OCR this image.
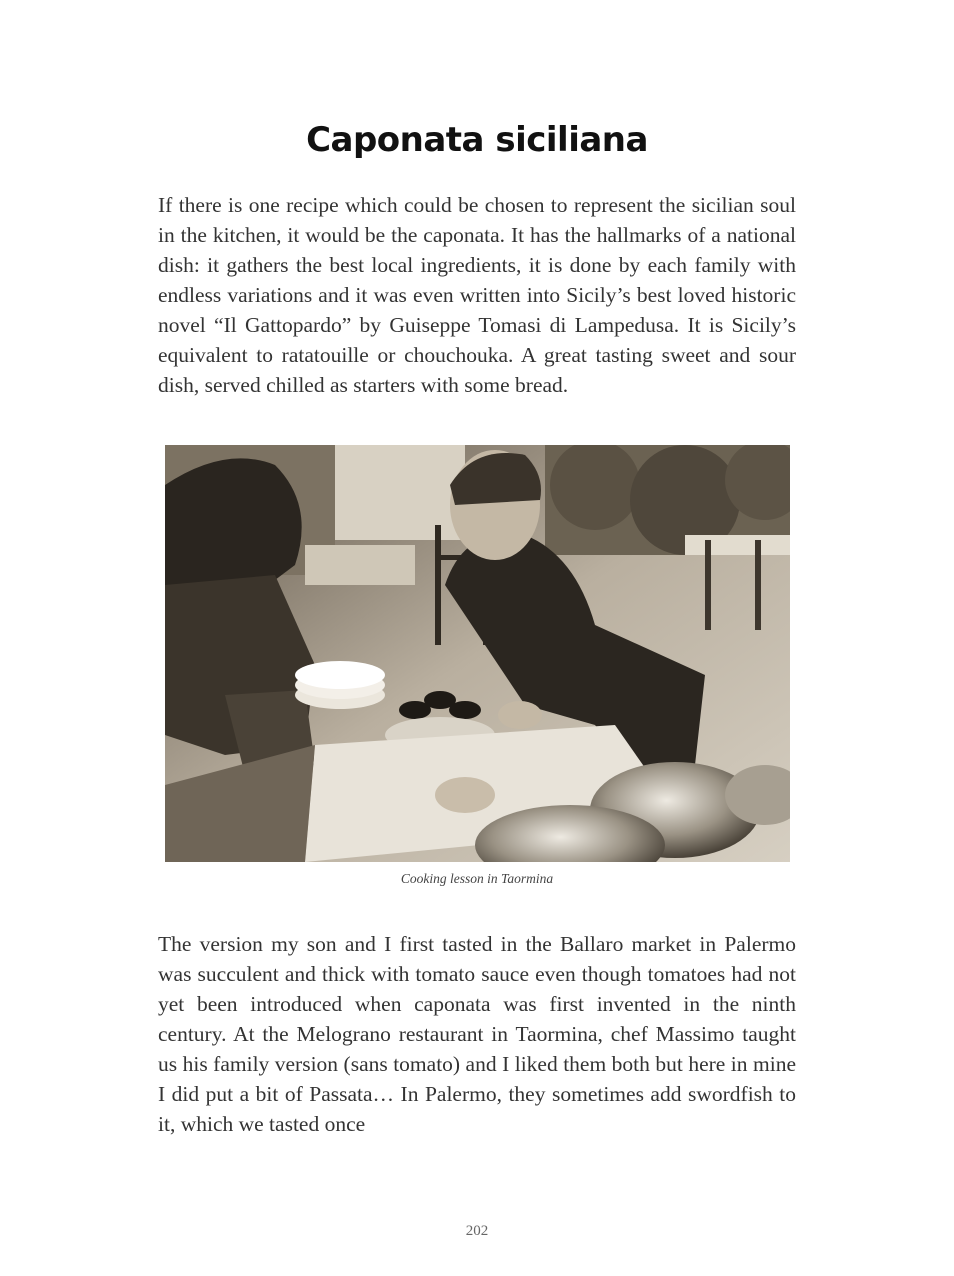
Caponata siciliana

If there is one recipe which could be chosen to represent the sicilian soul in the kitchen, it would be the caponata. It has the hallmarks of a national dish: it gathers the best local ingredients, it is done by each family with endless variations and it was even written into Sicily’s best loved historic novel “Il Gattopardo” by Guiseppe Tomasi di Lampedusa. It is Sicily’s equivalent to ratatouille or chouchouka. A great tasting sweet and sour dish, served chilled as starters with some bread.

Cooking lesson in Taormina

The version my son and I first tasted in the Ballaro market in Palermo was succulent and thick with tomato sauce even though tomatoes had not yet been introduced when caponata was first invented in the ninth century. At the Melograno restaurant in Taormina, chef Massimo taught us his family version (sans tomato) and I liked them both but here in mine I did put a bit of Passata… In Palermo, they sometimes add swordfish to it, which we tasted once

202
